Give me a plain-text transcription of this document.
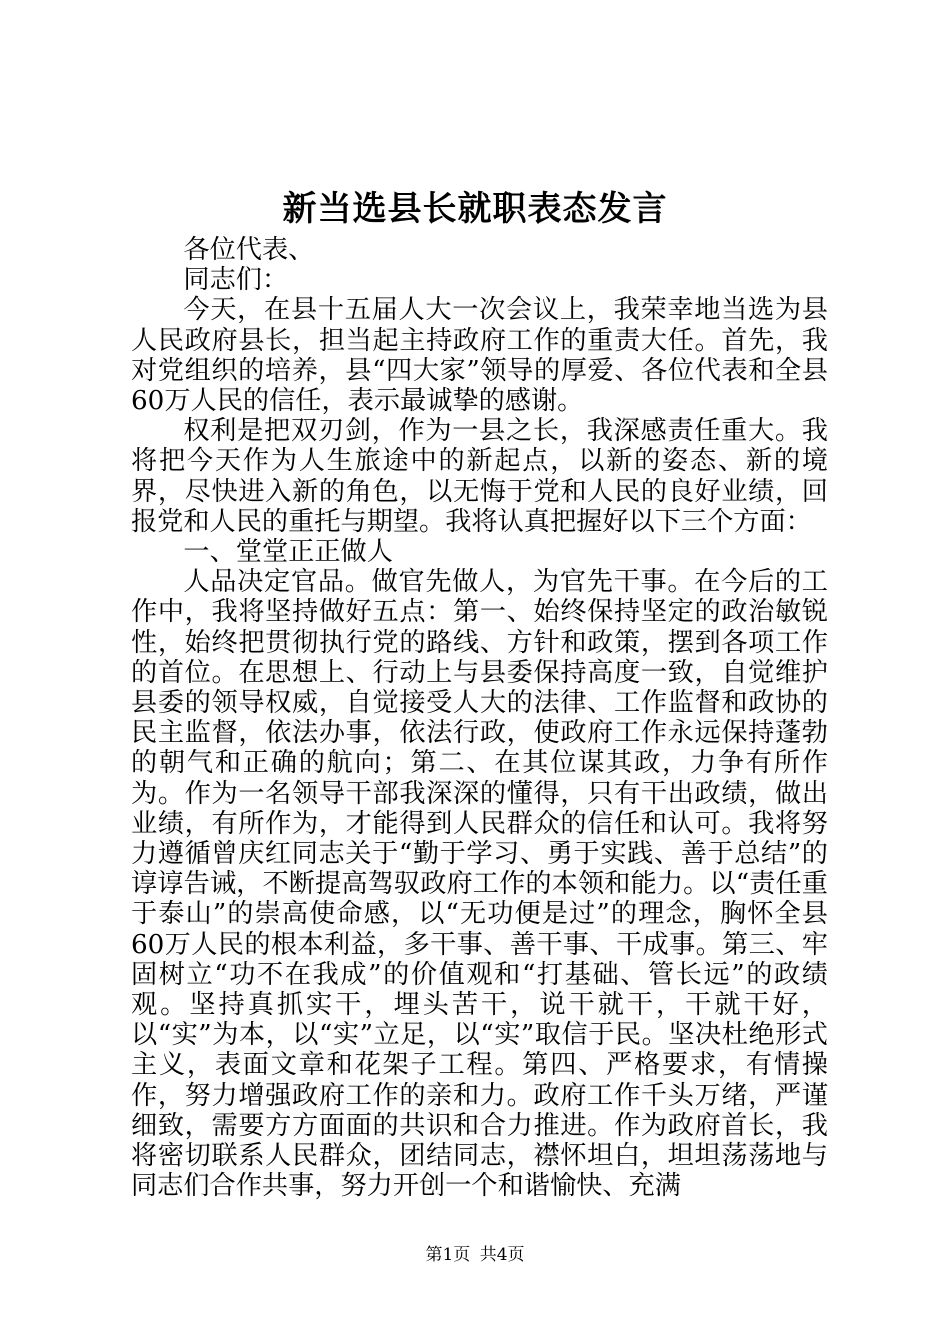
新当选县长就职表态发言

各位代表、

同志们：

今天，在县十五届人大一次会议上，我荣幸地当选为县人民政府县长，担当起主持政府工作的重责大任。首先，我对党组织的培养，县“四大家”领导的厚爱、各位代表和全县60万人民的信任，表示最诚挚的感谢。

权利是把双刃剑，作为一县之长，我深感责任重大。我将把今天作为人生旅途中的新起点，以新的姿态、新的境界，尽快进入新的角色，以无悔于党和人民的良好业绩，回报党和人民的重托与期望。我将认真把握好以下三个方面：

一、堂堂正正做人

人品决定官品。做官先做人，为官先干事。在今后的工作中，我将坚持做好五点：第一、始终保持坚定的政治敏锐性，始终把贯彻执行党的路线、方针和政策，摆到各项工作的首位。在思想上、行动上与县委保持高度一致，自觉维护县委的领导权威，自觉接受人大的法律、工作监督和政协的民主监督，依法办事，依法行政，使政府工作永远保持蓬勃的朝气和正确的航向；第二、在其位谋其政，力争有所作为。作为一名领导干部我深深的懂得，只有干出政绩，做出业绩，有所作为，才能得到人民群众的信任和认可。我将努力遵循曾庆红同志关于“勤于学习、勇于实践、善于总结”的谆谆告诫，不断提高驾驭政府工作的本领和能力。以“责任重于泰山”的崇高使命感，以“无功便是过”的理念，胸怀全县60万人民的根本利益，多干事、善干事、干成事。第三、牢固树立“功不在我成”的价值观和“打基础、管长远”的政绩观。坚持真抓实干，埋头苦干，说干就干，干就干好，以“实”为本，以“实”立足，以“实”取信于民。坚决杜绝形式主义，表面文章和花架子工程。第四、严格要求，有情操作，努力增强政府工作的亲和力。政府工作千头万绪，严谨细致，需要方方面面的共识和合力推进。作为政府首长，我将密切联系人民群众，团结同志，襟怀坦白，坦坦荡荡地与同志们合作共事，努力开创一个和谐愉快、充满

第1页 共4页
